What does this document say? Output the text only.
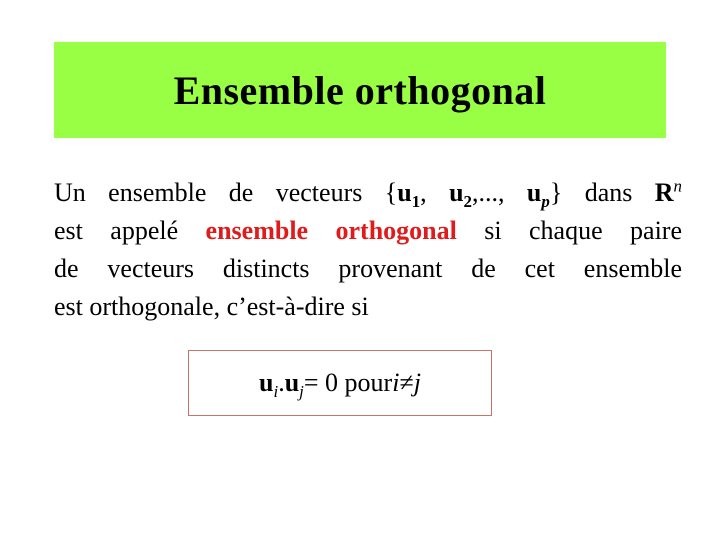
Ensemble orthogonal
Un ensemble de vecteurs {$u_1$, $u_2$,..., $u_p$} dans $R^n$
est appelé ensemble orthogonal si chaque paire
de vecteurs distincts provenant de cet ensemble
est orthogonale, c’est-à-dire si
$u_i$ . $u_j = 0$ pour i ≠ j
